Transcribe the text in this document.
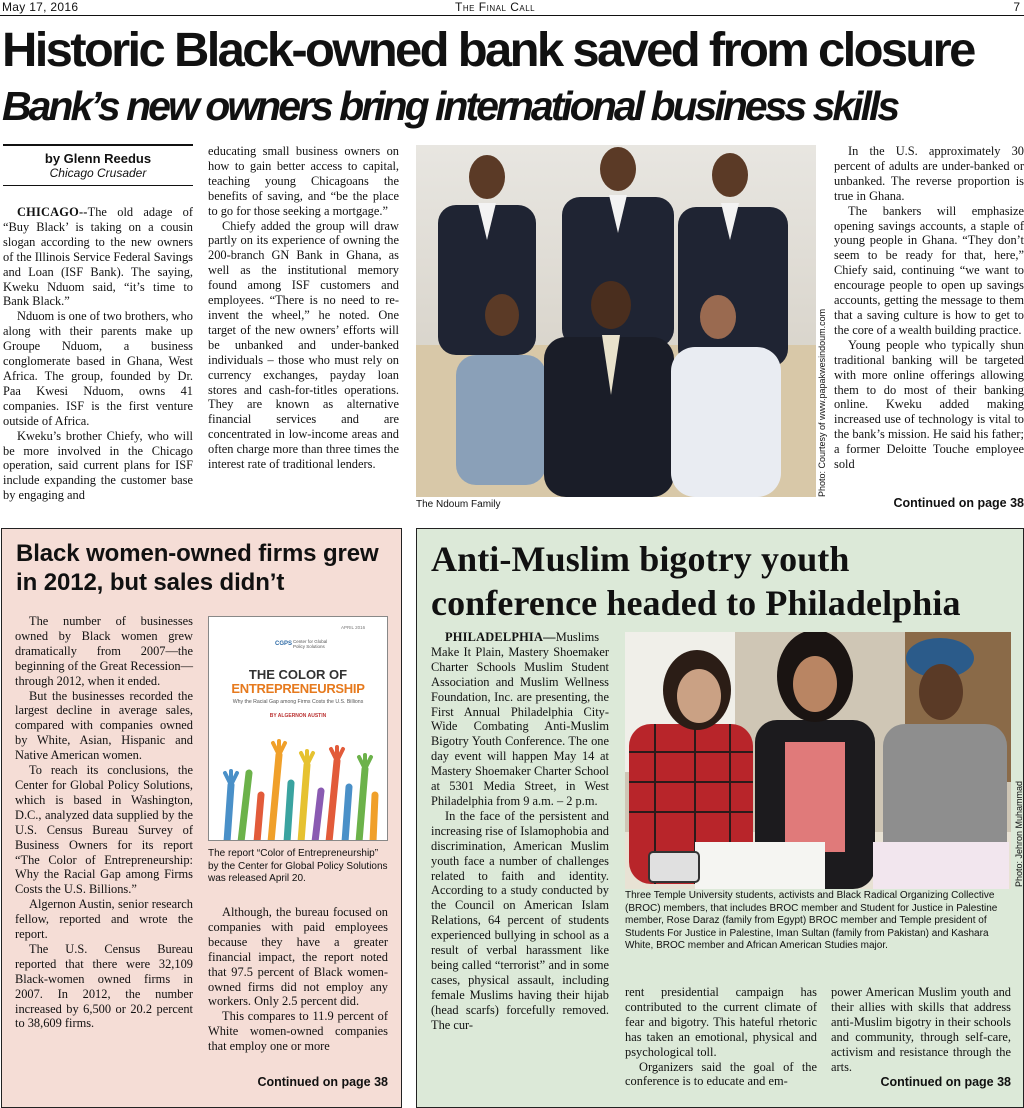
May 17, 2016	The Final Call	7
Historic Black-owned bank saved from closure
Bank’s new owners bring international business skills
by Glenn Reedus
Chicago Crusader

CHICAGO--The old adage of “Buy Black’ is taking on a cousin slogan according to the new owners of the Illinois Service Federal Savings and Loan (ISF Bank). The saying, Kweku Nduom said, “it’s time to Bank Black.”

Nduom is one of two brothers, who along with their parents make up Groupe Nduom, a business conglomerate based in Ghana, West Africa. The group, founded by Dr. Paa Kwesi Nduom, owns 41 companies. ISF is the first venture outside of Africa.

Kweku’s brother Chiefy, who will be more involved in the Chicago operation, said current plans for ISF include expanding the customer base by engaging and

educating small business owners on how to gain better access to capital, teaching young Chicagoans the benefits of saving, and “be the place to go for those seeking a mortgage.”

Chiefy added the group will draw partly on its experience of owning the 200-branch GN Bank in Ghana, as well as the institutional memory found among ISF customers and employees. “There is no need to re-invent the wheel,” he noted. One target of the new owners’ efforts will be unbanked and under-banked individuals – those who must rely on currency exchanges, payday loan stores and cash-for-titles operations. They are known as alternative financial services and are concentrated in low-income areas and often charge more than three times the interest rate of traditional lenders.

The Ndoum Family
Photo: Courtesy of www.papakwesindoum.com

In the U.S. approximately 30 percent of adults are under-banked or unbanked. The reverse proportion is true in Ghana.

The bankers will emphasize opening savings accounts, a staple of young people in Ghana. “They don’t seem to be ready for that, here,” Chiefy said, continuing “we want to encourage people to open up savings accounts, getting the message to them that a saving culture is how to get to the core of a wealth building practice.

Young people who typically shun traditional banking will be targeted with more online offerings allowing them to do most of their banking online. Kweku added making increased use of technology is vital to the bank’s mission. He said his father; a former Deloitte Touche employee sold

Continued on page 38
Black women-owned firms grew in 2012, but sales didn’t

The number of businesses owned by Black women grew dramatically from 2007—the beginning of the Great Recession—through 2012, when it ended.

But the businesses recorded the largest decline in average sales, compared with companies owned by White, Asian, Hispanic and Native American women.

To reach its conclusions, the Center for Global Policy Solutions, which is based in Washington, D.C., analyzed data supplied by the U.S. Census Bureau Survey of Business Owners for its report “The Color of Entrepreneurship: Why the Racial Gap among Firms Costs the U.S. Billions.”

Algernon Austin, senior research fellow, reported and wrote the report.

The U.S. Census Bureau reported that there were 32,109 Black-women owned firms in 2007. In 2012, the number increased by 6,500 or 20.2 percent to 38,609 firms.

CGPS Center for Global Policy Solutions
APRIL 2016
THE COLOR OF
ENTREPRENEURSHIP
Why the Racial Gap among Firms Costs the U.S. Billions
BY ALGERNON AUSTIN
The report “Color of Entrepreneurship” by the Center for Global Policy Solutions was released April 20.

Although, the bureau focused on companies with paid employees because they have a greater financial impact, the report noted that 97.5 percent of Black women-owned firms did not employ any workers. Only 2.5 percent did.

This compares to 11.9 percent of White women-owned companies that employ one or more

Continued on page 38
Anti-Muslim bigotry youth conference headed to Philadelphia

PHILADELPHIA—Muslims Make It Plain, Mastery Shoemaker Charter Schools Muslim Student Association and Muslim Wellness Foundation, Inc. are presenting, the First Annual Philadelphia City-Wide Combating Anti-Muslim Bigotry Youth Conference. The one day event will happen May 14 at Mastery Shoemaker Charter School at 5301 Media Street, in West Philadelphia from 9 a.m. – 2 p.m.

In the face of the persistent and increasing rise of Islamophobia and discrimination, American Muslim youth face a number of challenges related to faith and identity. According to a study conducted by the Council on American Islam Relations, 64 percent of students experienced bullying in school as a result of verbal harassment like being called “terrorist” and in some cases, physical assault, including female Muslims having their hijab (head scarfs) forcefully removed. The cur-

Photo: Jehron Muhammad
Three Temple University students, activists and Black Radical Organizing Collective (BROC) members, that includes BROC member and Student for Justice in Palestine member, Rose Daraz (family from Egypt) BROC member and Temple president of Students For Justice in Palestine, Iman Sultan (family from Pakistan) and Kashara White, BROC member and African American Studies major.

rent presidential campaign has contributed to the current climate of fear and bigotry. This hateful rhetoric has taken an emotional, physical and psychological toll.

Organizers said the goal of the conference is to educate and em-

power American Muslim youth and their allies with skills that address anti-Muslim bigotry in their schools and community, through self-care, activism and resistance through the arts.

Continued on page 38
